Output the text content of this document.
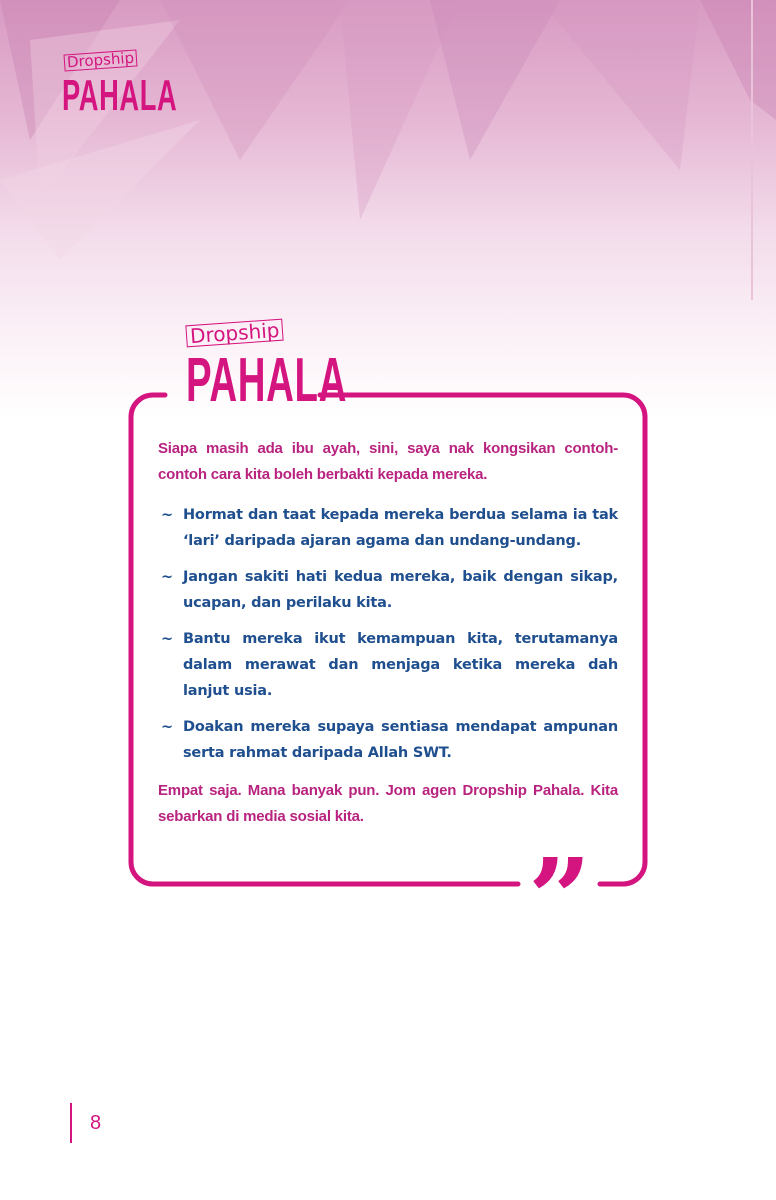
Dropship
PAHALA
Dropship
PAHALA

Siapa masih ada ibu ayah, sini, saya nak kongsikan contoh-contoh cara kita boleh berbakti kepada mereka.

~ Hormat dan taat kepada mereka berdua selama ia tak ‘lari’ daripada ajaran agama dan undang-undang.
~ Jangan sakiti hati kedua mereka, baik dengan sikap, ucapan, dan perilaku kita.
~ Bantu mereka ikut kemampuan kita, terutamanya dalam merawat dan menjaga ketika mereka dah lanjut usia.
~ Doakan mereka supaya sentiasa mendapat ampunan serta rahmat daripada Allah SWT.

Empat saja. Mana banyak pun. Jom agen Dropship Pahala. Kita sebarkan di media sosial kita.

”
8
